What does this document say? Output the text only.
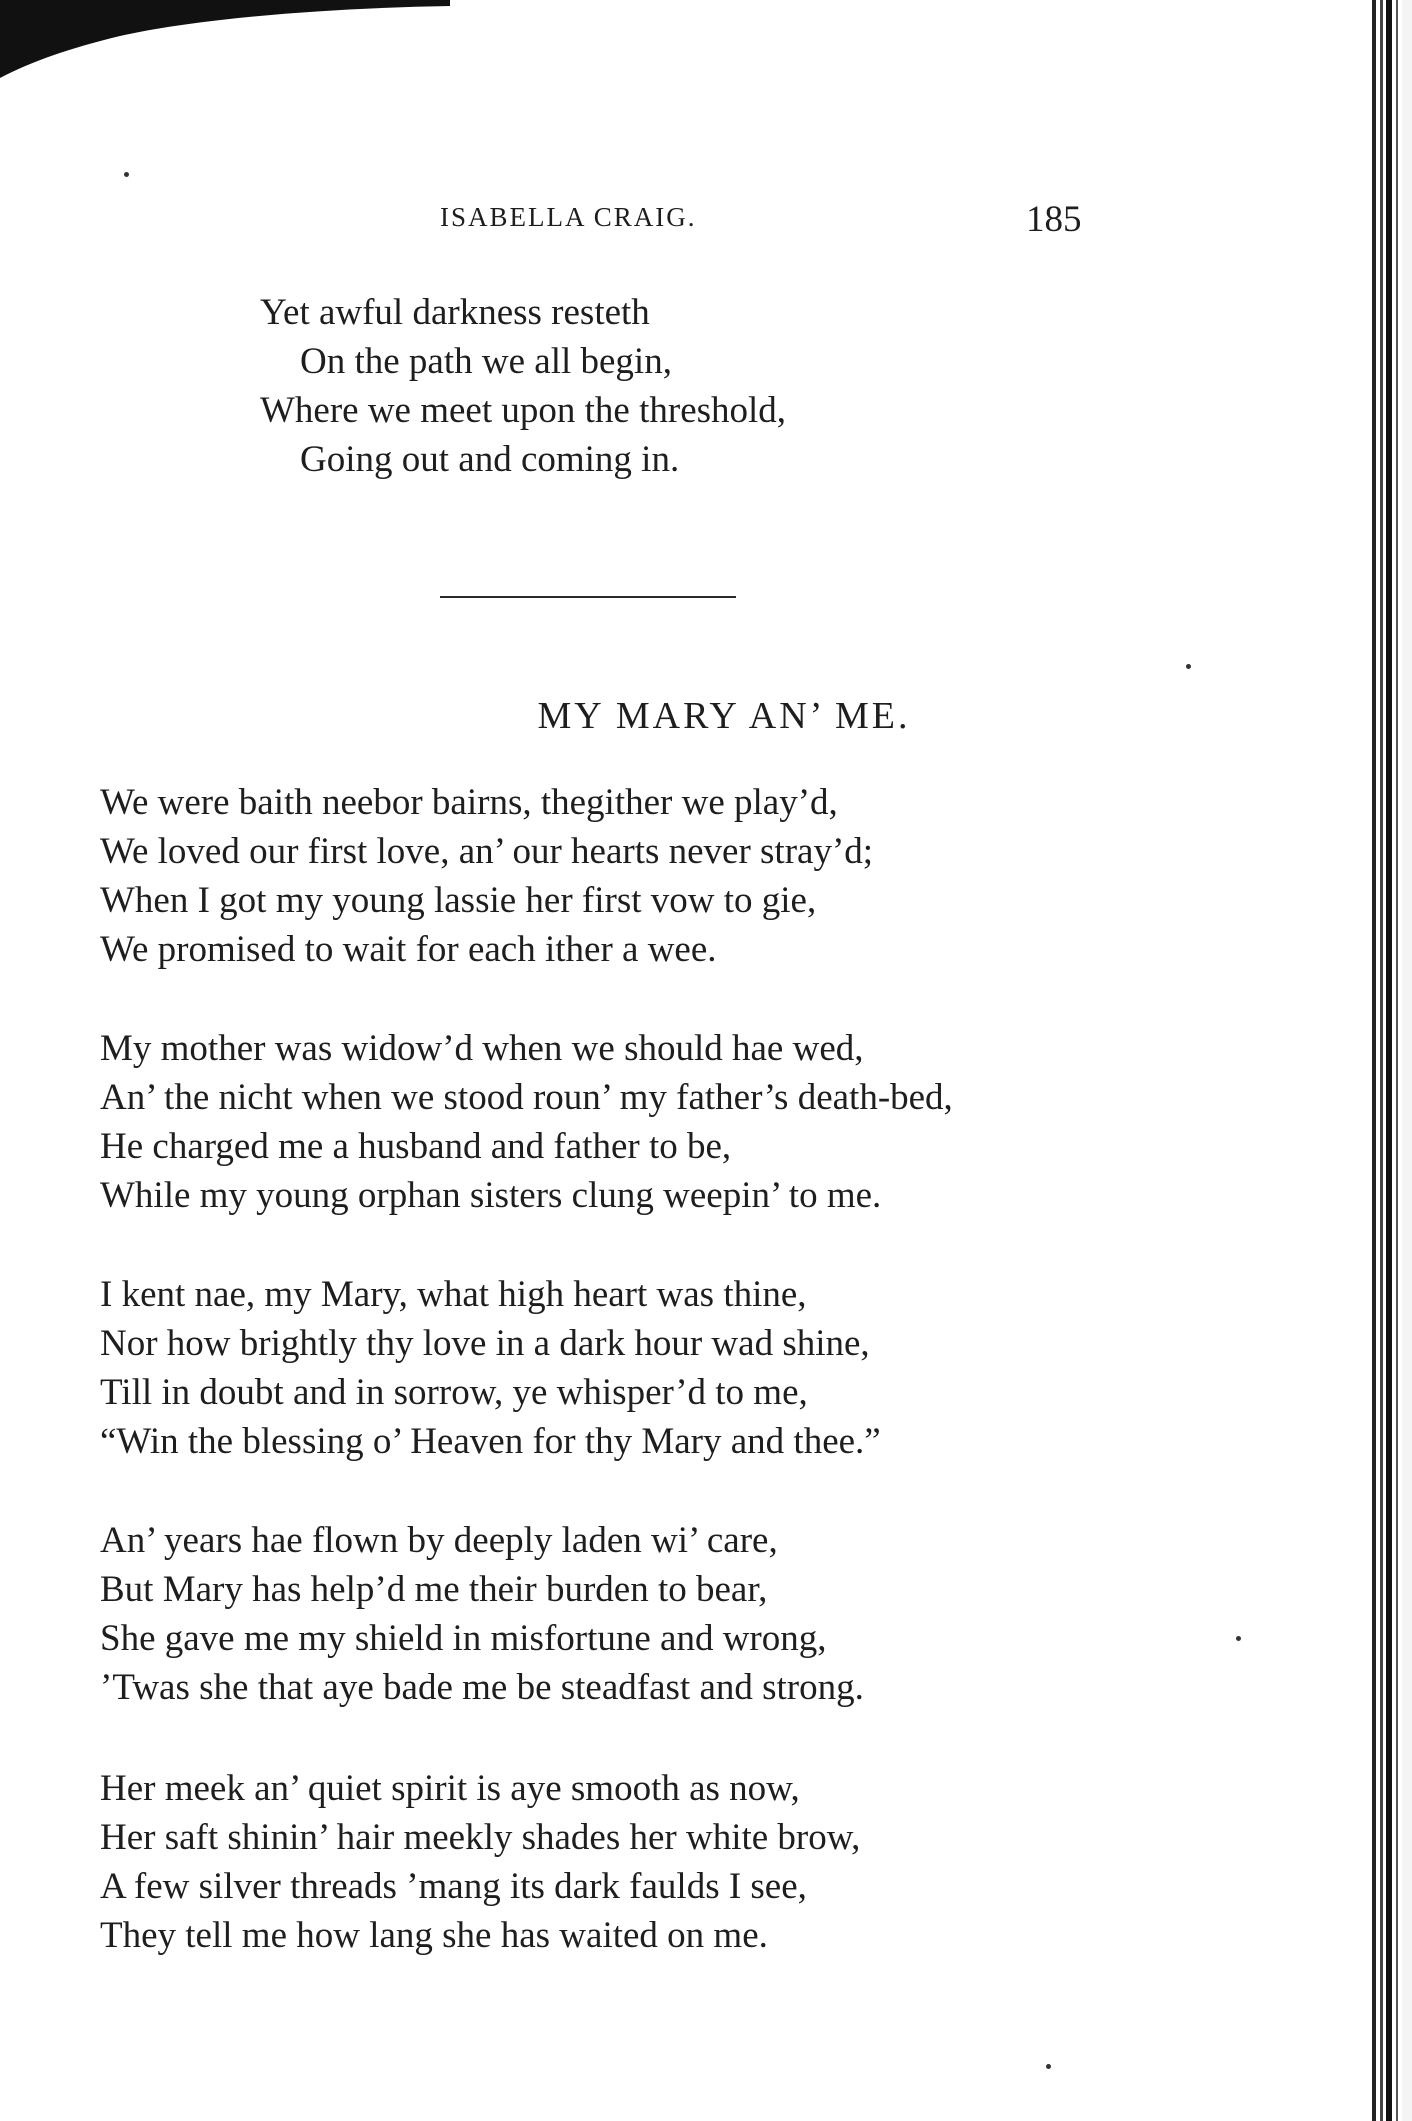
ISABELLA CRAIG.	185
Yet awful darkness resteth
On the path we all begin,
Where we meet upon the threshold,
Going out and coming in.
MY MARY AN’ ME.
We were baith neebor bairns, thegither we play’d,
We loved our first love, an’ our hearts never stray’d;
When I got my young lassie her first vow to gie,
We promised to wait for each ither a wee.
My mother was widow’d when we should hae wed,
An’ the nicht when we stood roun’ my father’s death-bed,
He charged me a husband and father to be,
While my young orphan sisters clung weepin’ to me.
I kent nae, my Mary, what high heart was thine,
Nor how brightly thy love in a dark hour wad shine,
Till in doubt and in sorrow, ye whisper’d to me,
“Win the blessing o’ Heaven for thy Mary and thee.”
An’ years hae flown by deeply laden wi’ care,
But Mary has help’d me their burden to bear,
She gave me my shield in misfortune and wrong,
’Twas she that aye bade me be steadfast and strong.
Her meek an’ quiet spirit is aye smooth as now,
Her saft shinin’ hair meekly shades her white brow,
A few silver threads ’mang its dark faulds I see,
They tell me how lang she has waited on me.
